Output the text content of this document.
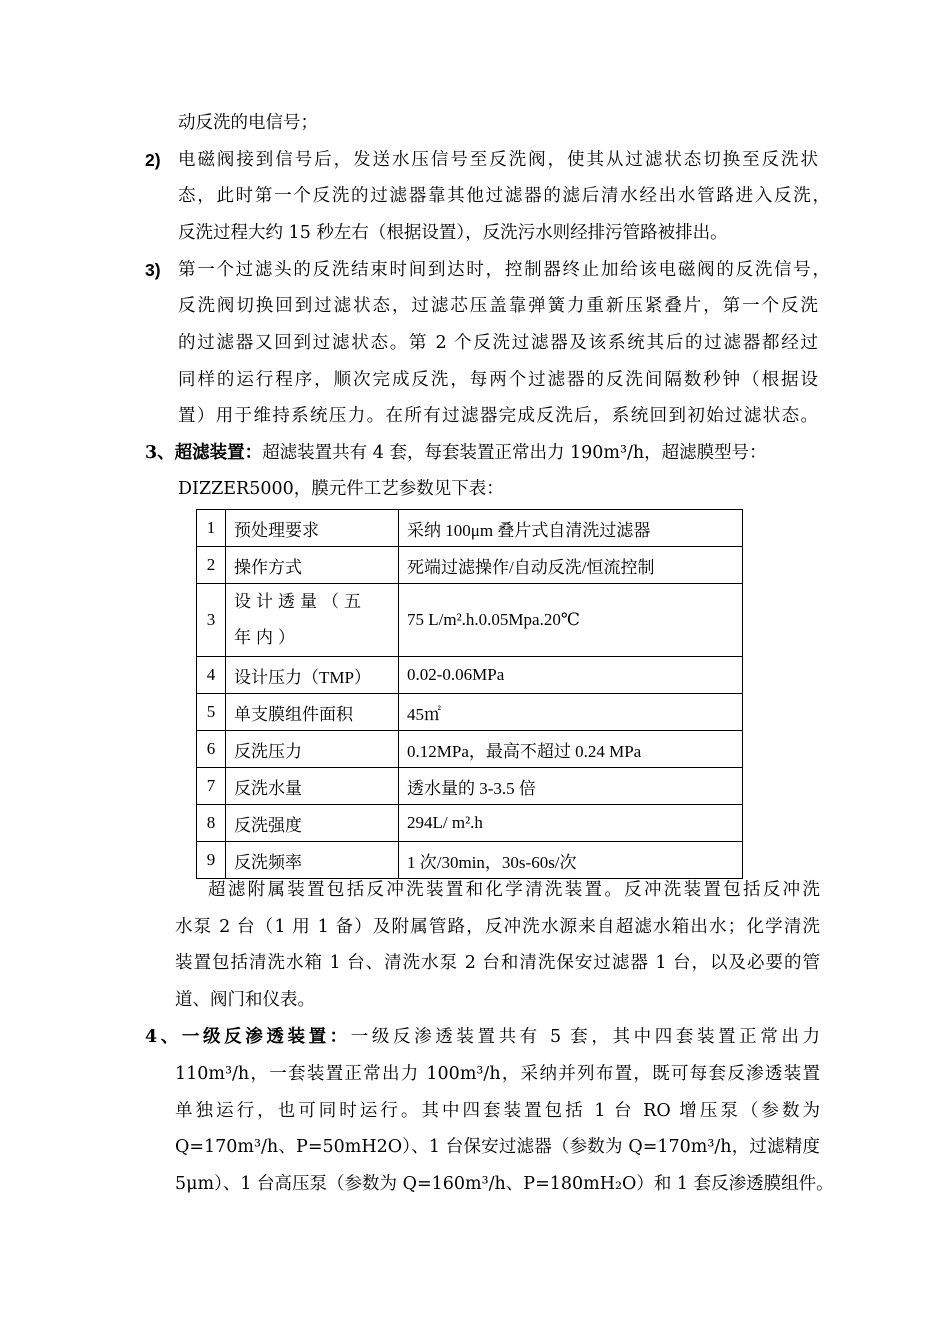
动反洗的电信号；
2) 电磁阀接到信号后，发送水压信号至反洗阀，使其从过滤状态切换至反洗状
态，此时第一个反洗的过滤器靠其他过滤器的滤后清水经出水管路进入反洗，
反洗过程大约 15 秒左右（根据设置），反洗污水则经排污管路被排出。
3) 第一个过滤头的反洗结束时间到达时，控制器终止加给该电磁阀的反洗信号，
反洗阀切换回到过滤状态，过滤芯压盖靠弹簧力重新压紧叠片，第一个反洗
的过滤器又回到过滤状态。第 2 个反洗过滤器及该系统其后的过滤器都经过
同样的运行程序，顺次完成反洗，每两个过滤器的反洗间隔数秒钟（根据设
置）用于维持系统压力。在所有过滤器完成反洗后，系统回到初始过滤状态。
3、超滤装置：超滤装置共有 4 套，每套装置正常出力 190m³/h，超滤膜型号：
DIZZER5000，膜元件工艺参数见下表：
1	预处理要求	采纳 100μm 叠片式自清洗过滤器
2	操作方式	死端过滤操作/自动反洗/恒流控制
3	设计透量（五年内）	75 L/m².h.0.05Mpa.20℃
4	设计压力（TMP）	0.02-0.06MPa
5	单支膜组件面积	45㎡
6	反洗压力	0.12MPa，最高不超过 0.24 MPa
7	反洗水量	透水量的 3-3.5 倍
8	反洗强度	294L/ m².h
9	反洗频率	1 次/30min，30s-60s/次
超滤附属装置包括反冲洗装置和化学清洗装置。反冲洗装置包括反冲洗
水泵 2 台（1 用 1 备）及附属管路，反冲洗水源来自超滤水箱出水；化学清洗
装置包括清洗水箱 1 台、清洗水泵 2 台和清洗保安过滤器 1 台，以及必要的管
道、阀门和仪表。
4、一级反渗透装置：一级反渗透装置共有 5 套，其中四套装置正常出力
110m³/h，一套装置正常出力 100m³/h，采纳并列布置，既可每套反渗透装置
单独运行，也可同时运行。其中四套装置包括 1 台 RO 增压泵（参数为
Q=170m³/h、P=50mH2O）、1 台保安过滤器（参数为 Q=170m³/h，过滤精度
5μm）、1 台高压泵（参数为 Q=160m³/h、P=180mH₂O）和 1 套反渗透膜组件。
